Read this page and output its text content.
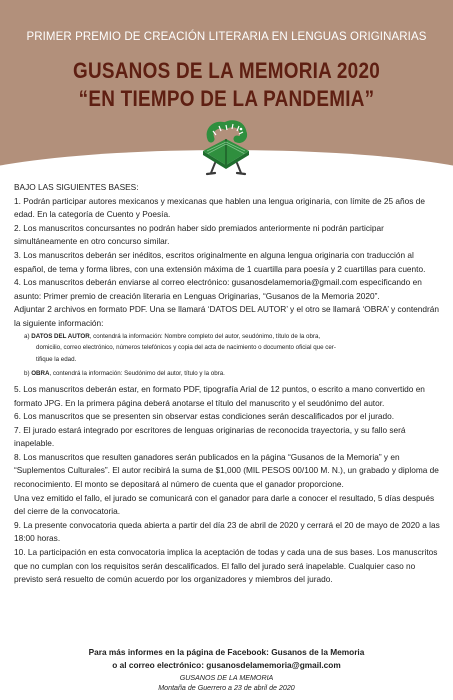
PRIMER PREMIO DE CREACIÓN LITERARIA EN LENGUAS ORIGINARIAS
GUSANOS DE LA MEMORIA 2020
“EN TIEMPO DE LA PANDEMIA”

BAJO LAS SIGUIENTES BASES:

1. Podrán participar autores mexicanos y mexicanas que hablen una lengua originaria, con límite de 25 años de edad. En la categoría de Cuento y Poesía.

2. Los manuscritos concursantes no podrán haber sido premiados anteriormente ni podrán participar simultáneamente en otro concurso similar.

3. Los manuscritos deberán ser inéditos, escritos originalmente en alguna lengua originaria con traducción al español, de tema y forma libres, con una extensión máxima de 1 cuartilla para poesía y 2 cuartillas para cuento.

4. Los manuscritos deberán enviarse al correo electrónico: gusanosdelamemoria@gmail.com especificando en asunto: Primer premio de creación literaria en Lenguas Originarias, “Gusanos de la Memoria 2020”.

Adjuntar 2 archivos en formato PDF. Una se llamará ‘DATOS DEL AUTOR’ y el otro se llamará ‘OBRA’ y contendrán la siguiente información:

a) DATOS DEL AUTOR, contendrá la información: Nombre completo del autor, seudónimo, título de la obra,

domicilio, correo electrónico, números telefónicos y copia del acta de nacimiento o documento oficial que cer-

tifique la edad.

b) OBRA, contendrá la información: Seudónimo del autor, título y la obra.

5. Los manuscritos deberán estar, en formato PDF, tipografía Arial de 12 puntos, o escrito a mano convertido en formato JPG. En la primera página deberá anotarse el título del manuscrito y el seudónimo del autor.

6. Los manuscritos que se presenten sin observar estas condiciones serán descalificados por el jurado.

7. El jurado estará integrado por escritores de lenguas originarias de reconocida trayectoria, y su fallo será inapelable.

8. Los manuscritos que resulten ganadores serán publicados en la página “Gusanos de la Memoria” y en “Suplementos Culturales”. El autor recibirá la suma de $1,000 (MIL PESOS 00/100 M. N.), un grabado y diploma de reconocimiento. El monto se depositará al número de cuenta que el ganador proporcione.

Una vez emitido el fallo, el jurado se comunicará con el ganador para darle a conocer el resultado, 5 días después del cierre de la convocatoria.

9. La presente convocatoria queda abierta a partir del día 23 de abril de 2020 y cerrará el 20 de mayo de 2020 a las 18:00 horas.

10. La participación en esta convocatoria implica la aceptación de todas y cada una de sus bases. Los manuscritos que no cumplan con los requisitos serán descalificados. El fallo del jurado será inapelable. Cualquier caso no previsto será resuelto de común acuerdo por los organizadores y miembros del jurado.

Para más informes en la página de Facebook: Gusanos de la Memoria
o al correo electrónico: gusanosdelamemoria@gmail.com
GUSANOS DE LA MEMORIA
Montaña de Guerrero a 23 de abril de 2020
